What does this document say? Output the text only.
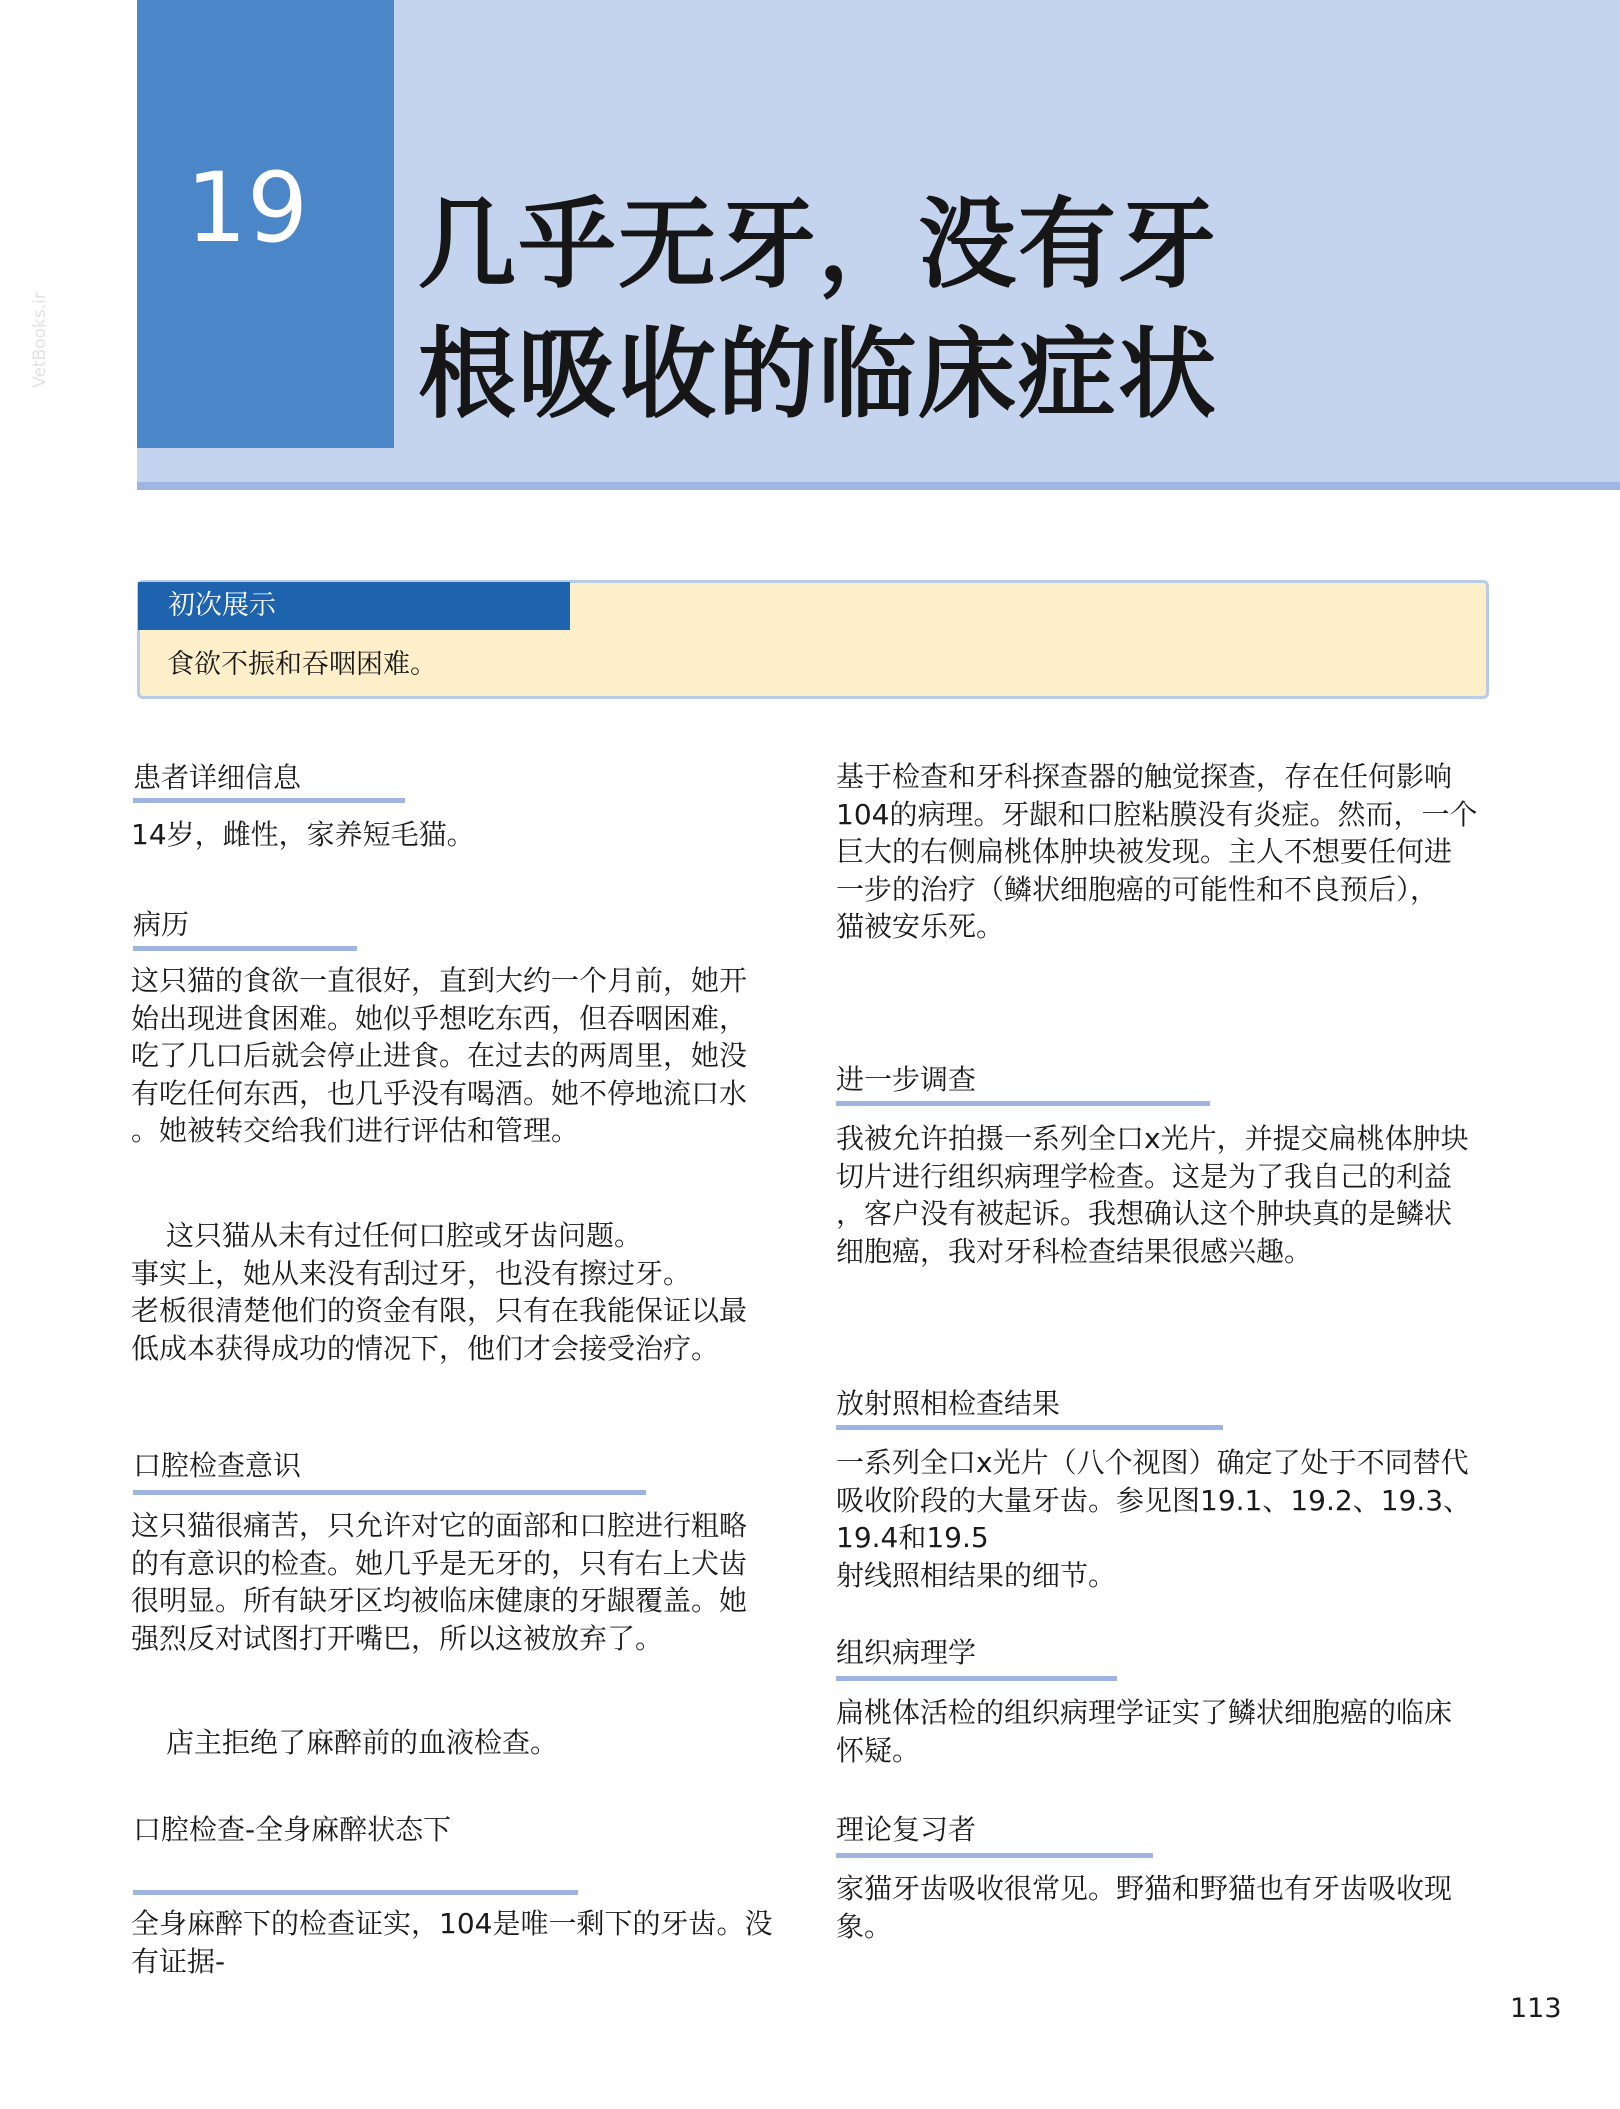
19	几乎无牙，没有牙
根吸收的临床症状
VetBooks.ir
初次展示
食欲不振和吞咽困难。
患者详细信息
14岁，雌性，家养短毛猫。
病历
这只猫的食欲一直很好，直到大约一个月前，她开
始出现进食困难。她似乎想吃东西，但吞咽困难，
吃了几口后就会停止进食。在过去的两周里，她没
有吃任何东西，也几乎没有喝酒。她不停地流口水
。她被转交给我们进行评估和管理。
这只猫从未有过任何口腔或牙齿问题。
事实上，她从来没有刮过牙，也没有擦过牙。
老板很清楚他们的资金有限，只有在我能保证以最
低成本获得成功的情况下，他们才会接受治疗。
口腔检查意识
这只猫很痛苦，只允许对它的面部和口腔进行粗略
的有意识的检查。她几乎是无牙的，只有右上犬齿
很明显。所有缺牙区均被临床健康的牙龈覆盖。她
强烈反对试图打开嘴巴，所以这被放弃了。
店主拒绝了麻醉前的血液检查。
口腔检查-全身麻醉状态下
全身麻醉下的检查证实，104是唯一剩下的牙齿。没
有证据-
基于检查和牙科探查器的触觉探查，存在任何影响
104的病理。牙龈和口腔粘膜没有炎症。然而，一个
巨大的右侧扁桃体肿块被发现。主人不想要任何进
一步的治疗（鳞状细胞癌的可能性和不良预后），
猫被安乐死。
进一步调查
我被允许拍摄一系列全口x光片，并提交扁桃体肿块
切片进行组织病理学检查。这是为了我自己的利益
，客户没有被起诉。我想确认这个肿块真的是鳞状
细胞癌，我对牙科检查结果很感兴趣。
放射照相检查结果
一系列全口x光片（八个视图）确定了处于不同替代
吸收阶段的大量牙齿。参见图19.1、19.2、19.3、
19.4和19.5
射线照相结果的细节。
组织病理学
扁桃体活检的组织病理学证实了鳞状细胞癌的临床
怀疑。
理论复习者
家猫牙齿吸收很常见。野猫和野猫也有牙齿吸收现
象。
113
